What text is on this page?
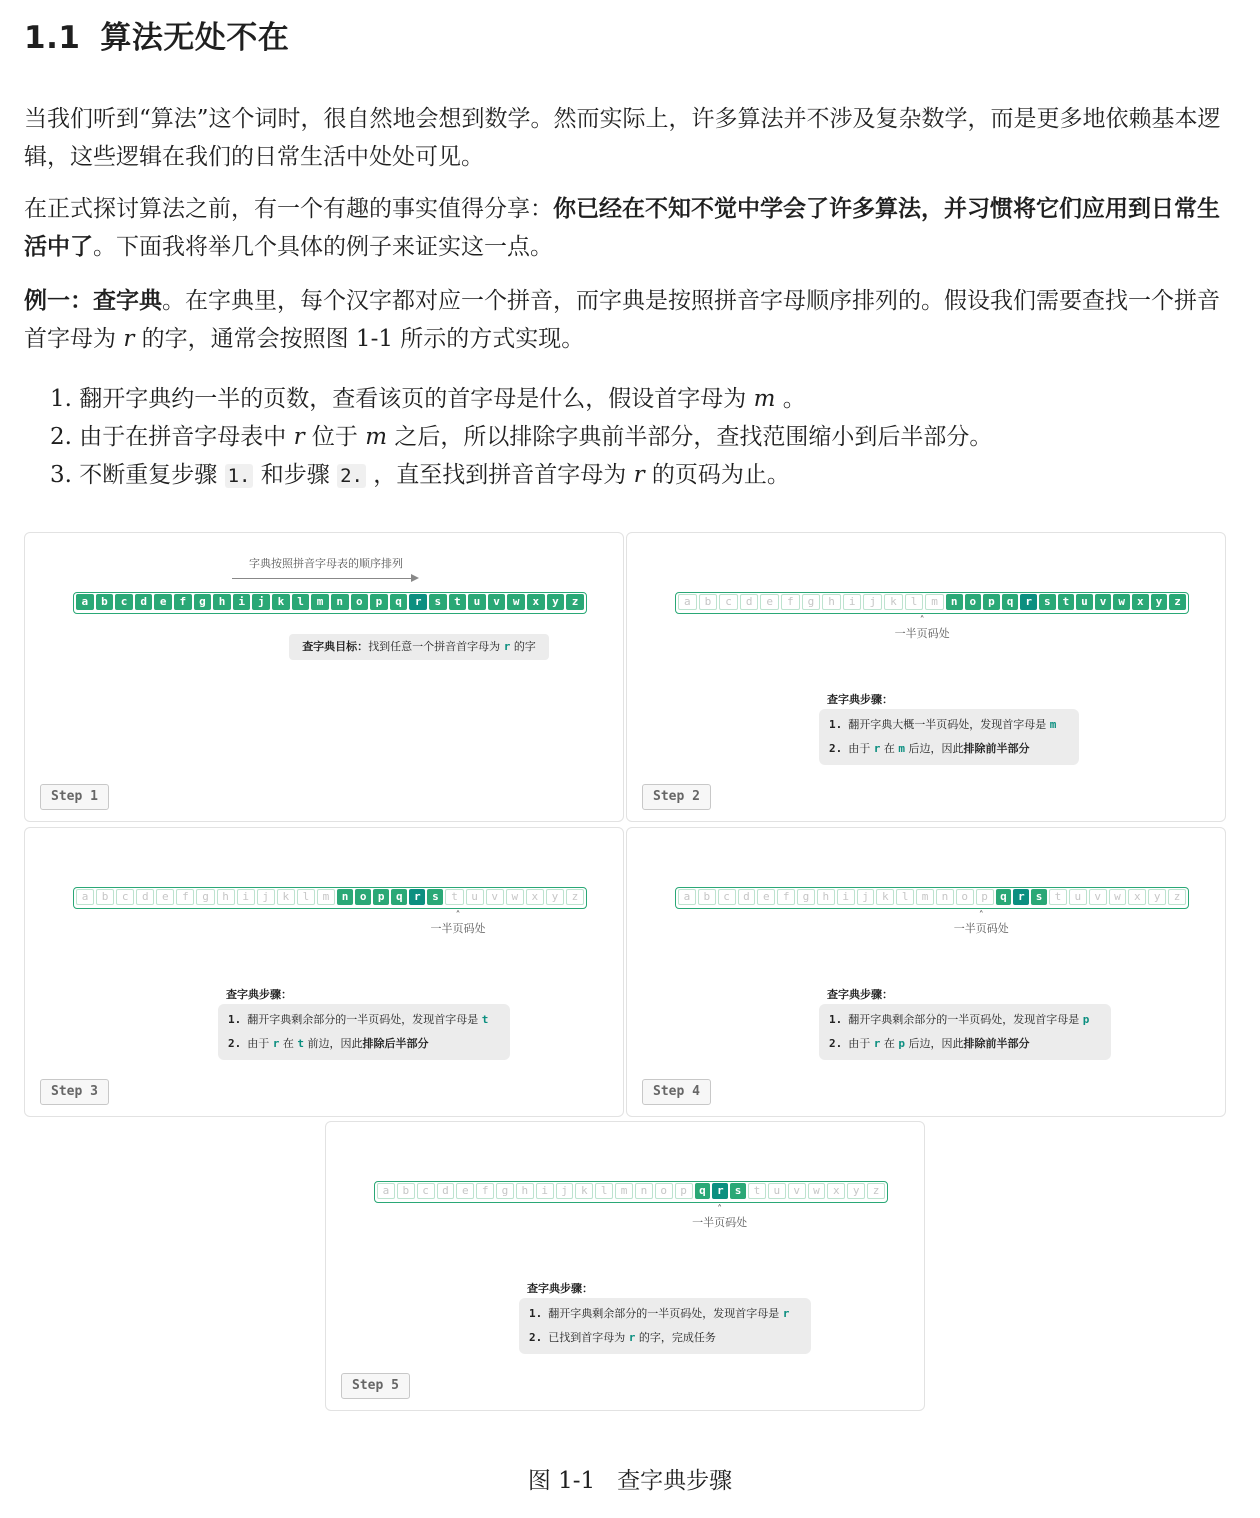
1.1 算法无处不在

当我们听到“算法”这个词时，很自然地会想到数学。然而实际上，许多算法并不涉及复杂数学，而是更多地依赖基本逻辑，这些逻辑在我们的日常生活中处处可见。

在正式探讨算法之前，有一个有趣的事实值得分享：你已经在不知不觉中学会了许多算法，并习惯将它们应用到日常生活中了。下面我将举几个具体的例子来证实这一点。

例一：查字典。在字典里，每个汉字都对应一个拼音，而字典是按照拼音字母顺序排列的。假设我们需要查找一个拼音首字母为 r 的字，通常会按照图 1-1 所示的方式实现。

1. 翻开字典约一半的页数，查看该页的首字母是什么，假设首字母为 m 。
2. 由于在拼音字母表中 r 位于 m 之后，所以排除字典前半部分，查找范围缩小到后半部分。
3. 不断重复步骤 1. 和步骤 2. ，直至找到拼音首字母为 r 的页码为止。
字典按照拼音字母表的顺序排列
a	b	c	d	e	f	g	h	i	j	k	l	m	n	o	p	q	r	s	t	u	v	w	x	y	z
查字典目标：找到任意一个拼音首字母为 r 的字
Step 1
a	b	c	d	e	f	g	h	i	j	k	l	m	n	o	p	q	r	s	t	u	v	w	x	y	z
˄
一半页码处
查字典步骤：
1. 翻开字典大概一半页码处，发现首字母是 m
2. 由于 r 在 m 后边，因此排除前半部分
Step 2
a	b	c	d	e	f	g	h	i	j	k	l	m	n	o	p	q	r	s	t	u	v	w	x	y	z
˄
一半页码处
查字典步骤：
1. 翻开字典剩余部分的一半页码处，发现首字母是 t
2. 由于 r 在 t 前边，因此排除后半部分
Step 3
a	b	c	d	e	f	g	h	i	j	k	l	m	n	o	p	q	r	s	t	u	v	w	x	y	z
˄
一半页码处
查字典步骤：
1. 翻开字典剩余部分的一半页码处，发现首字母是 p
2. 由于 r 在 p 后边，因此排除前半部分
Step 4
a	b	c	d	e	f	g	h	i	j	k	l	m	n	o	p	q	r	s	t	u	v	w	x	y	z
˄
一半页码处
查字典步骤：
1. 翻开字典剩余部分的一半页码处，发现首字母是 r
2. 已找到首字母为 r 的字，完成任务
Step 5
图 1-1 查字典步骤
